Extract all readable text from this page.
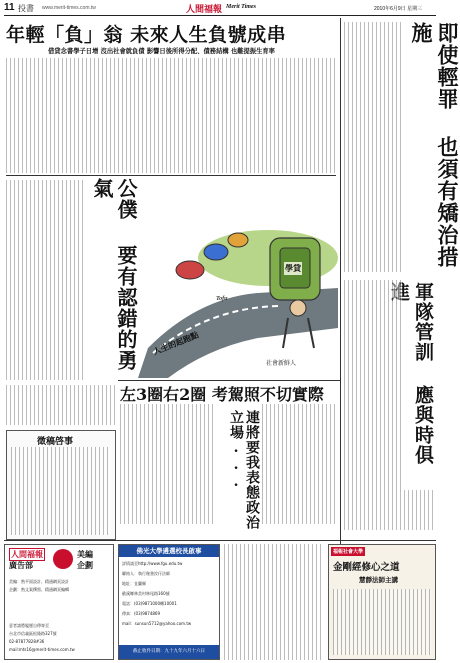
11 投書 www.merit-times.com.tw	人間福報 Merit Times	2010年6月9日 星期三
年輕「負」翁 未來人生負號成串
借貸念書學子日增 沒出社會就負債 影響日後所得分配、債務結構 也難提振生育率	即使輕罪 也須有矯治措施
公僕 要有認錯的勇氣
人生的起跑點
學貸
社會新鮮人
Tofu
左3圈右2圈 考駕照不切實際
連將要我表態政治立場...
徵稿啓事	軍隊管訓 應與時俱進
人間福報
廣告部
美編
企劃
美編：熟平面設計、精通網頁設計
企劃：熟文案撰寫、精通網頁編輯
意者請將履歷自傳寄至
台北市信義區松隆路327號
02-87877828#36
mail:mts16@merit-times.com.tw
佛光大學遴選校長啟事
詳情請至http://www.fgu.edu.tw
聯絡人：執行秘書汝仔法師
地址：宜蘭縣
礁溪鄉林美村林尾路160號
電話：(03)9871000轉10001
傳真：(03)9874869
mail：sunsun5712@yahoo.com.tw
截止收件日期：九十九年六月十六日
福報社會大學
金剛經修心之道
慧靜法師主講
